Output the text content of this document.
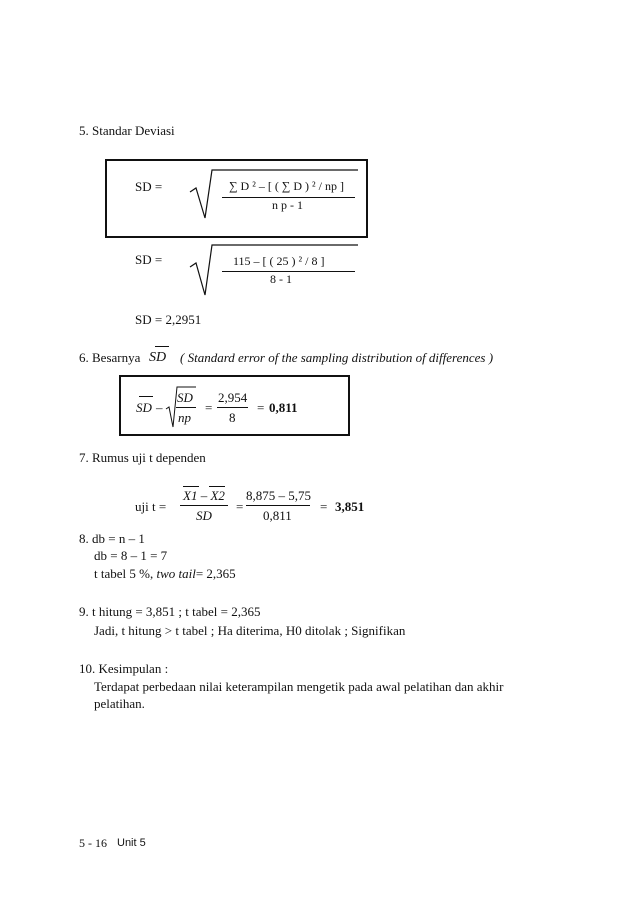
5. Standar Deviasi
SD =	∑ D ² – [ ( ∑ D ) ² / np ]
n p - 1
SD =	115 – [ ( 25 ) ² / 8 ]
8 - 1
SD = 2,2951
6. Besarnya SD ( Standard error of the sampling distribution of differences )
SD –
SD
np
=
2,954
8
= 0,811
7. Rumus uji t dependen
uji t =
X1 – X2
SD
=
8,875 – 5,75
0,811
= 3,851
8. db = n – 1
db = 8 – 1 = 7
t tabel 5 %, two tail= 2,365
9. t hitung = 3,851 ; t tabel = 2,365
Jadi, t hitung > t tabel ; Ha diterima, H0 ditolak ; Signifikan
10. Kesimpulan :
Terdapat perbedaan nilai keterampilan mengetik pada awal pelatihan dan akhir
pelatihan.
5 - 16 Unit 5
